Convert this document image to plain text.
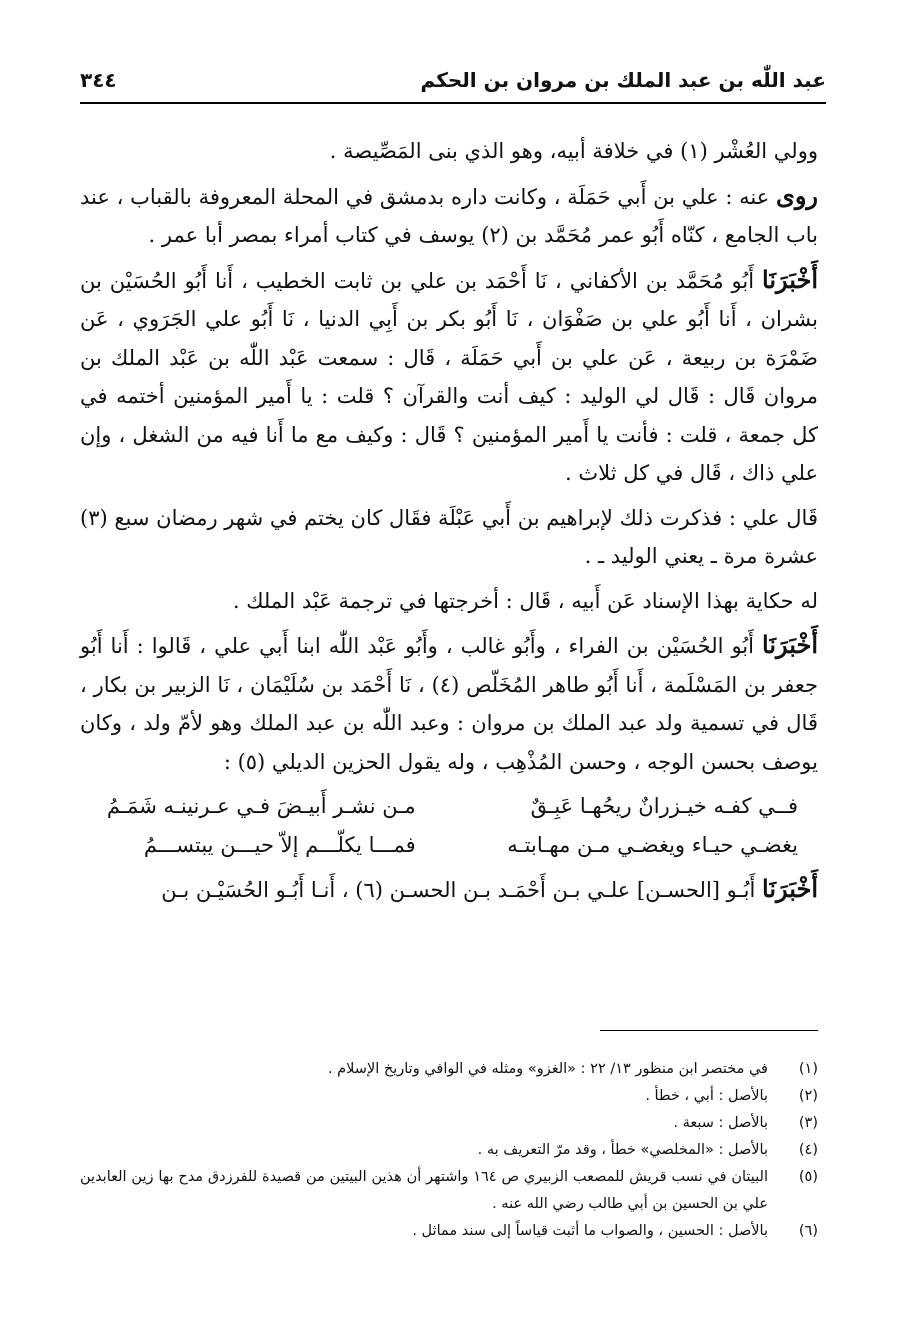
عبد اللّٰه بن عبد الملك بن مروان بن الحكم
٣٤٤

وولي العُشْر (١) في خلافة أبيه، وهو الذي بنى المَصِّيصة .

روى عنه : علي بن أَبي حَمَلَة ، وكانت داره بدمشق في المحلة المعروفة بالقباب ، عند باب الجامع ، كنّاه أَبُو عمر مُحَمَّد بن (٢) يوسف في كتاب أمراء بمصر أبا عمر .

أَخْبَرَنَا أَبُو مُحَمَّد بن الأكفاني ، نَا أَحْمَد بن علي بن ثابت الخطيب ، أَنا أَبُو الحُسَيْن بن بشران ، أَنا أَبُو علي بن صَفْوَان ، نَا أَبُو بكر بن أَبِي الدنيا ، نَا أَبُو علي الجَرَوي ، عَن ضَمْرَة بن ربيعة ، عَن علي بن أَبي حَمَلَة ، قَال : سمعت عَبْد اللّٰه بن عَبْد الملك بن مروان قَال : قَال لي الوليد : كيف أنت والقرآن ؟ قلت : يا أَمير المؤمنين أختمه في كل جمعة ، قلت : فأنت يا أَمير المؤمنين ؟ قَال : وكيف مع ما أَنا فيه من الشغل ، وإن علي ذاك ، قَال في كل ثلاث .

قَال علي : فذكرت ذلك لإبراهيم بن أَبي عَبْلَة فقَال كان يختم في شهر رمضان سبع (٣) عشرة مرة ـ يعني الوليد ـ .

له حكاية بهذا الإسناد عَن أَبيه ، قَال : أخرجتها في ترجمة عَبْد الملك .

أَخْبَرَنَا أَبُو الحُسَيْن بن الفراء ، وأَبُو غالب ، وأَبُو عَبْد اللّٰه ابنا أَبي علي ، قَالوا : أَنا أَبُو جعفر بن المَسْلَمة ، أَنا أَبُو طاهر المُخَلّص (٤) ، نَا أَحْمَد بن سُلَيْمَان ، نَا الزبير بن بكار ، قَال في تسمية ولد عبد الملك بن مروان : وعبد اللّٰه بن عبد الملك وهو لأمّ ولد ، وكان يوصف بحسن الوجه ، وحسن المُذْهِب ، وله يقول الحزين الديلي (٥) :

فــي كفـه خيـزرانٌ ريحُهـا عَبِـقٌ
مـن نشـر أَبيـضَ فـي عـرنينـه شَمَـمُ
يغضـي حيـاء ويغضـي مـن مهـابتـه
فمـــا يكلّـــم إلاّ حيـــن يبتســـمُ

أَخْبَرَنَا أَبُـو [الحسـن] علـي بـن أَحْمَـد بـن الحسـن (٦) ، أَنـا أَبُـو الحُسَيْـن بـن

(١)
في مختصر ابن منظور ١٣/ ٢٢ : «الغزو» ومثله في الوافي وتاريخ الإسلام .
(٢)
بالأصل : أبي ، خطأ .
(٣)
بالأصل : سبعة .
(٤)
بالأصل : «المخلصي» خطأ ، وقد مرّ التعريف به .
(٥)
البيتان في نسب قريش للمصعب الزبيري ص ١٦٤ واشتهر أن هذين البيتين من قصيدة للفرزدق مدح بها زين العابدين علي بن الحسين بن أبي طالب رضي الله عنه .
(٦)
بالأصل : الحسين ، والصواب ما أثبت قياساً إلى سند مماثل .
